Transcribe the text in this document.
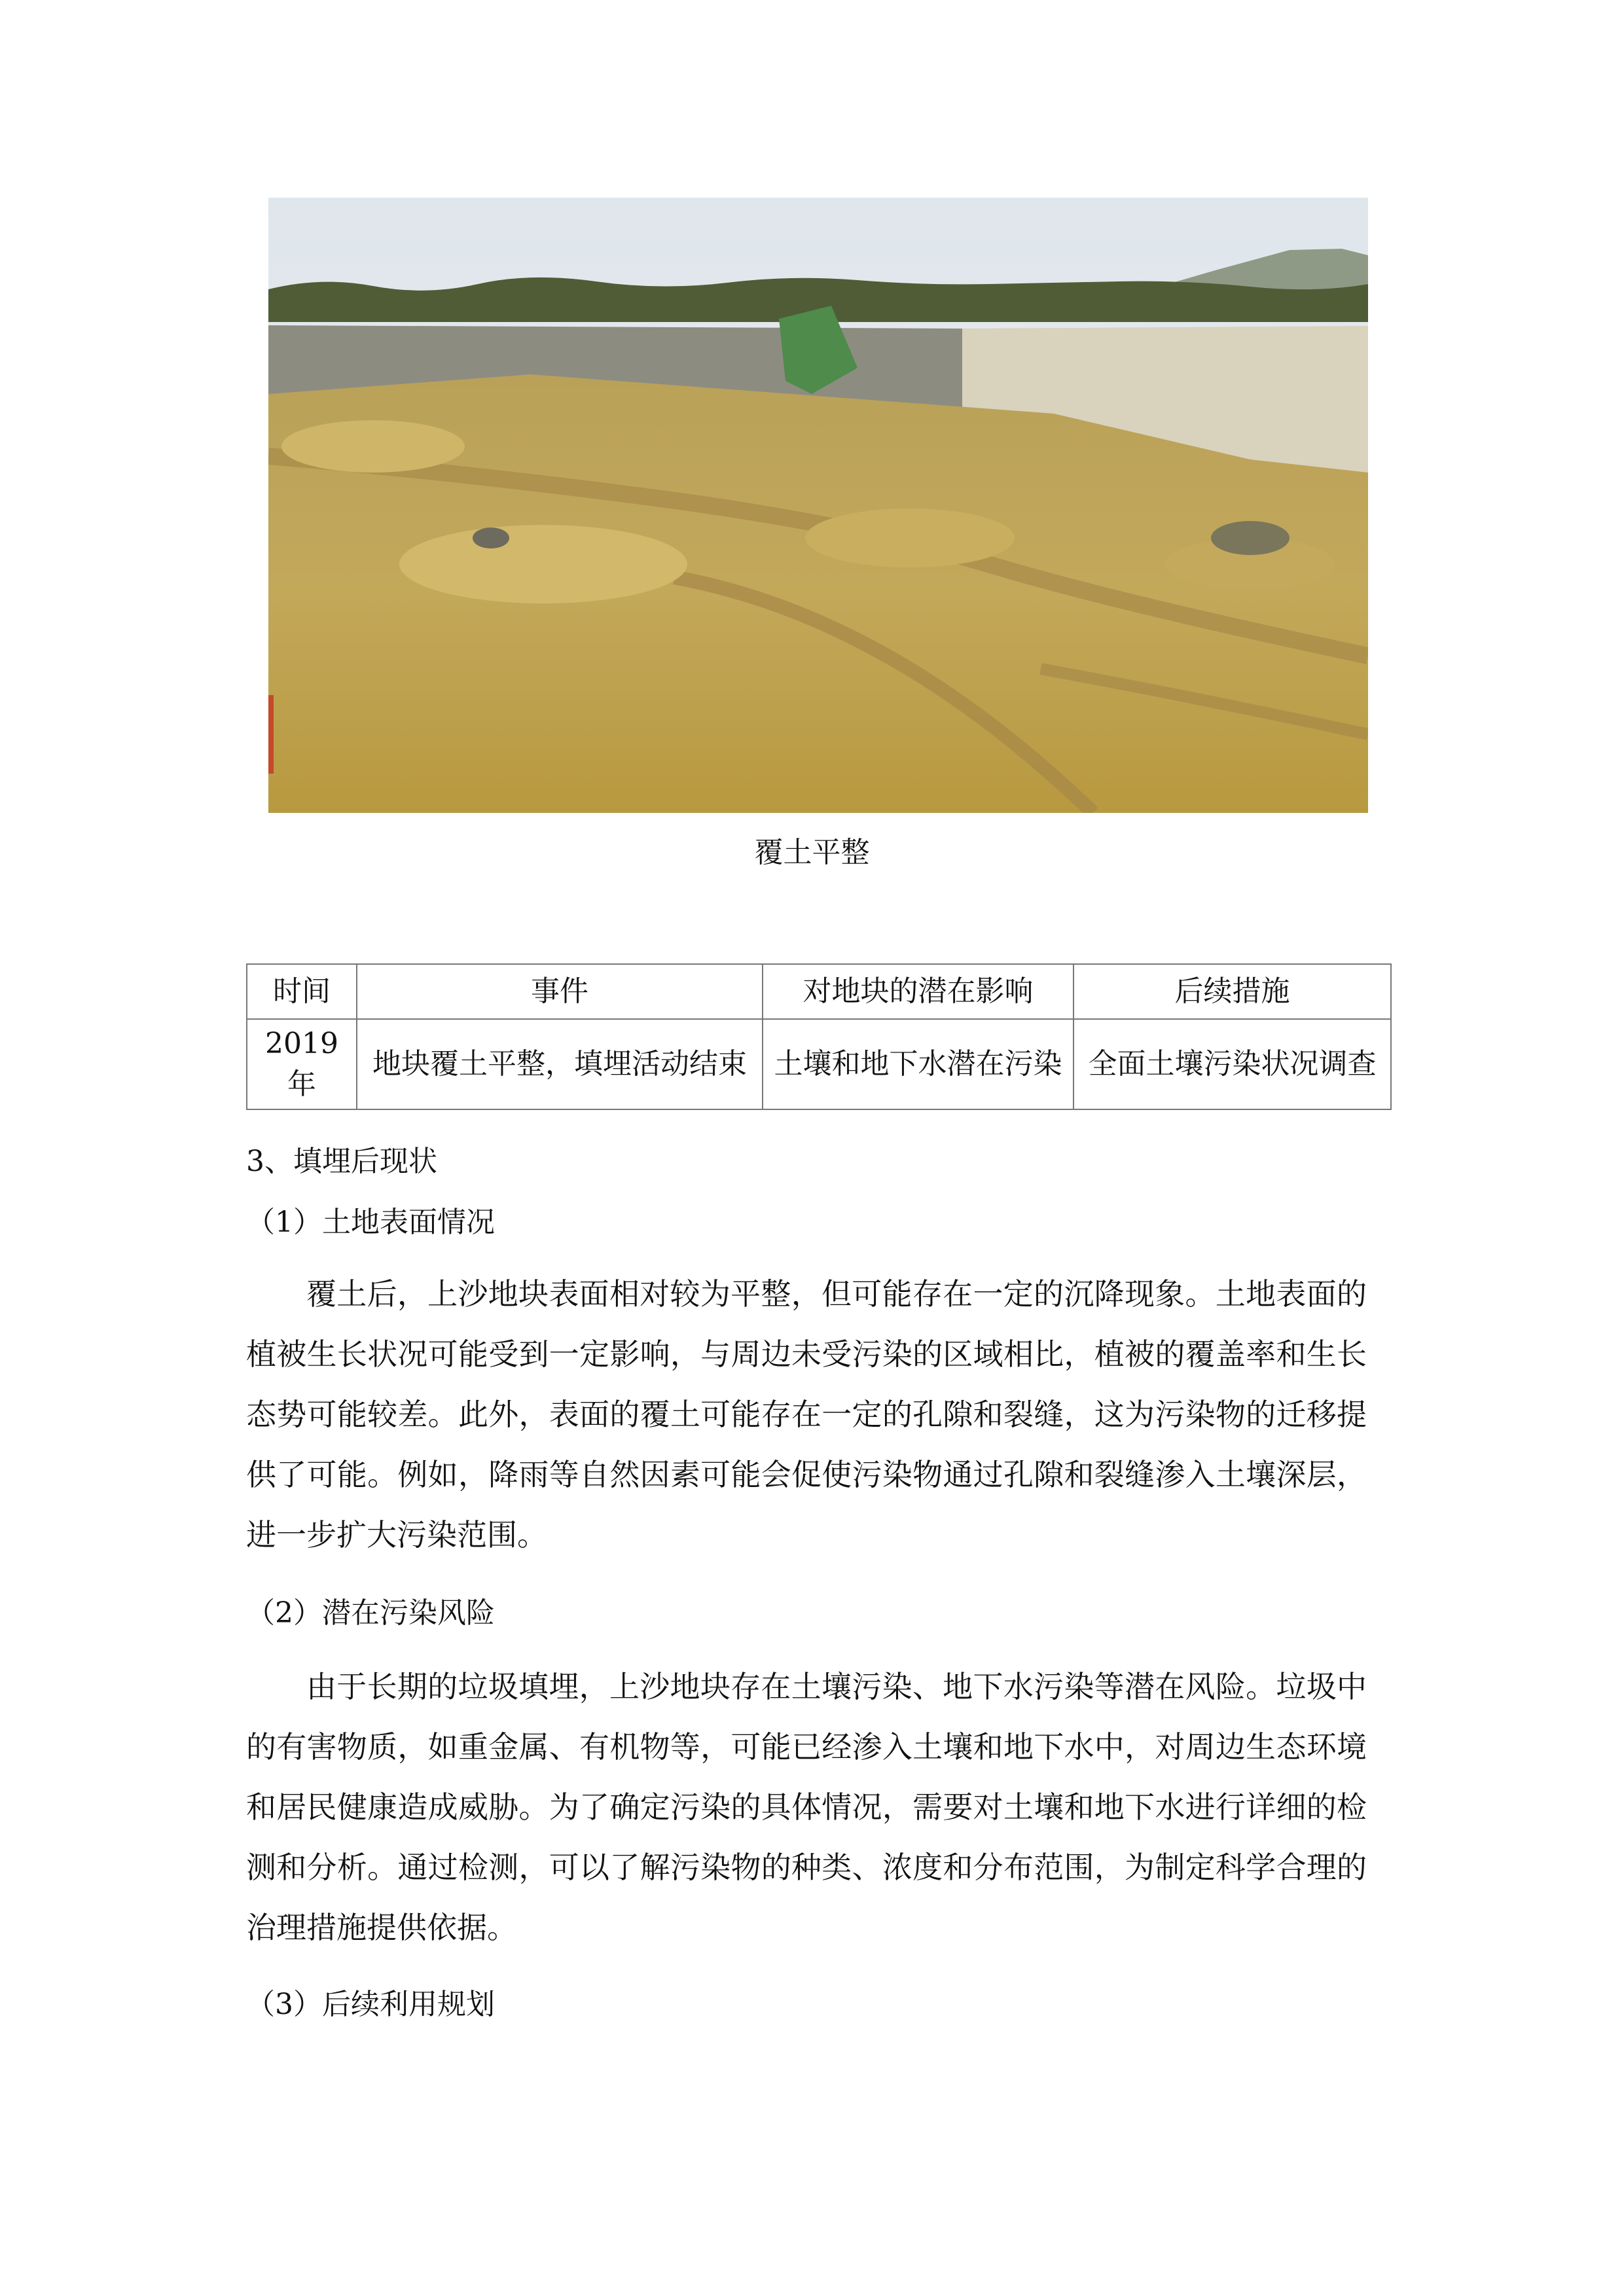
覆土平整
时间	事件	对地块的潜在影响	后续措施
2019年	地块覆土平整，填埋活动结束	土壤和地下水潜在污染	全面土壤污染状况调查
3、填埋后现状
（1）土地表面情况

覆土后，上沙地块表面相对较为平整，但可能存在一定的沉降现象。土地表面的植被生长状况可能受到一定影响，与周边未受污染的区域相比，植被的覆盖率和生长态势可能较差。此外，表面的覆土可能存在一定的孔隙和裂缝，这为污染物的迁移提供了可能。例如，降雨等自然因素可能会促使污染物通过孔隙和裂缝渗入土壤深层，进一步扩大污染范围。

（2）潜在污染风险

由于长期的垃圾填埋，上沙地块存在土壤污染、地下水污染等潜在风险。垃圾中的有害物质，如重金属、有机物等，可能已经渗入土壤和地下水中，对周边生态环境和居民健康造成威胁。为了确定污染的具体情况，需要对土壤和地下水进行详细的检测和分析。通过检测，可以了解污染物的种类、浓度和分布范围，为制定科学合理的治理措施提供依据。

（3）后续利用规划
